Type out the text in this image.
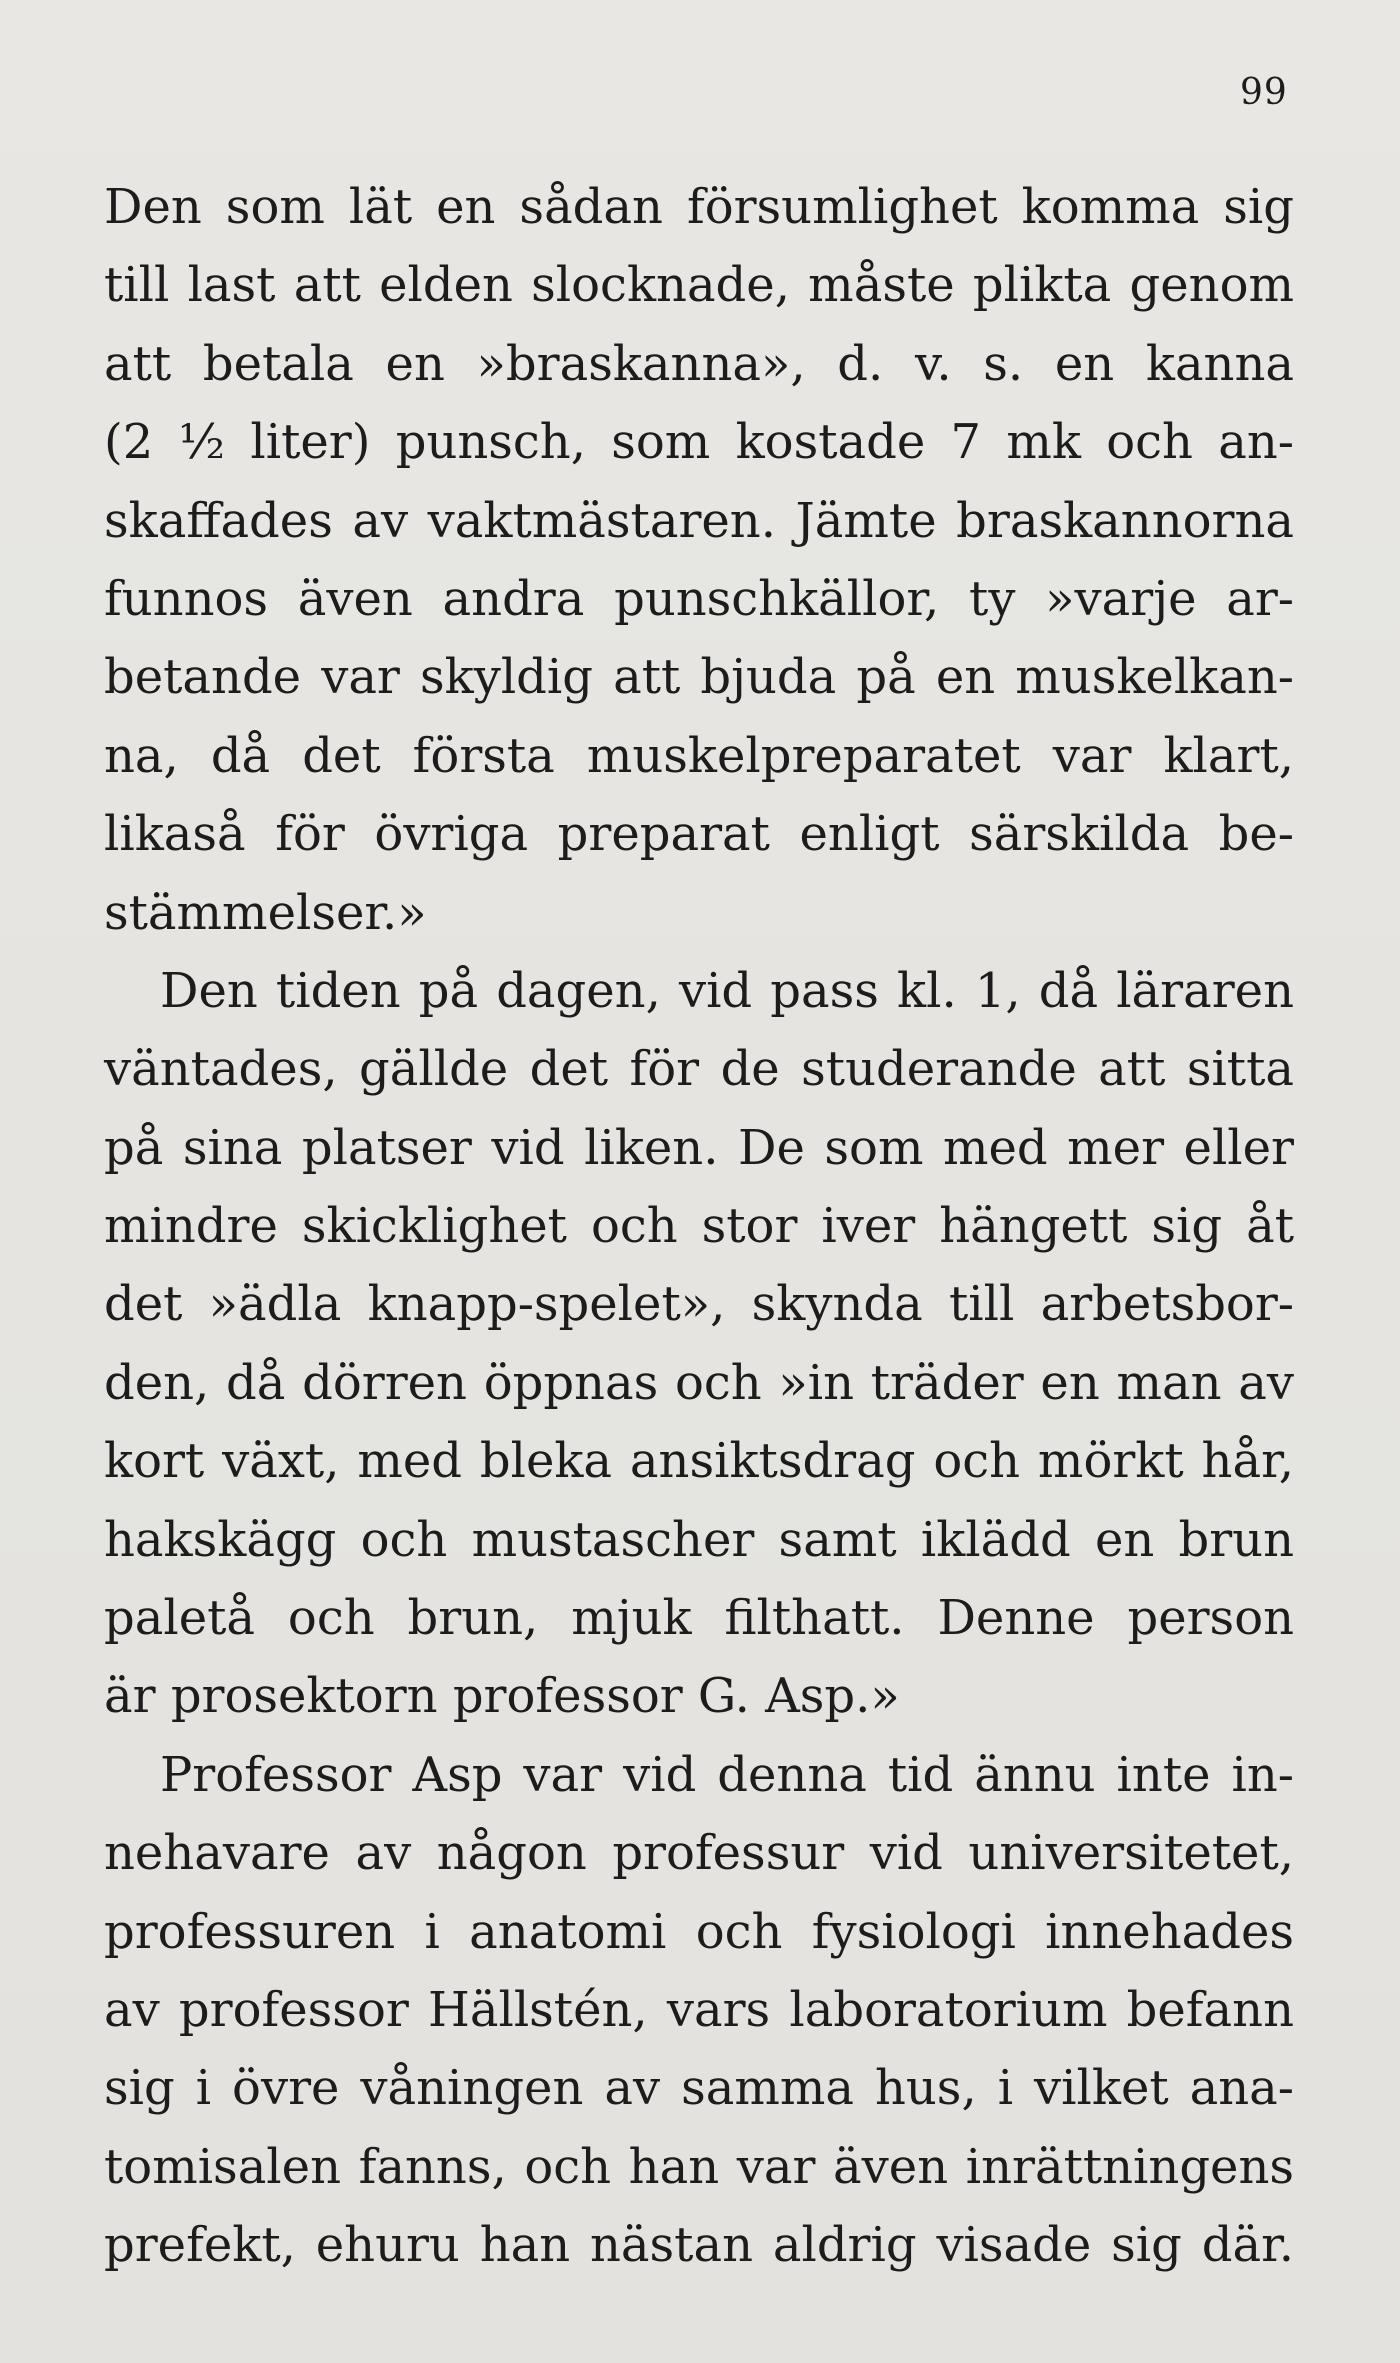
99
Den som lät en sådan försumlighet komma sig
till last att elden slocknade, måste plikta genom
att betala en »braskanna», d. v. s. en kanna
(2 ½ liter) punsch, som kostade 7 mk och an-
skaffades av vaktmästaren. Jämte braskannorna
funnos även andra punschkällor, ty »varje ar-
betande var skyldig att bjuda på en muskelkan-
na, då det första muskelpreparatet var klart,
likaså för övriga preparat enligt särskilda be-
stämmelser.»
Den tiden på dagen, vid pass kl. 1, då läraren
väntades, gällde det för de studerande att sitta
på sina platser vid liken. De som med mer eller
mindre skicklighet och stor iver hängett sig åt
det »ädla knapp-spelet», skynda till arbetsbor-
den, då dörren öppnas och »in träder en man av
kort växt, med bleka ansiktsdrag och mörkt hår,
hakskägg och mustascher samt iklädd en brun
paletå och brun, mjuk filthatt. Denne person
är prosektorn professor G. Asp.»
Professor Asp var vid denna tid ännu inte in-
nehavare av någon professur vid universitetet,
professuren i anatomi och fysiologi innehades
av professor Hällstén, vars laboratorium befann
sig i övre våningen av samma hus, i vilket ana-
tomisalen fanns, och han var även inrättningens
prefekt, ehuru han nästan aldrig visade sig där.
